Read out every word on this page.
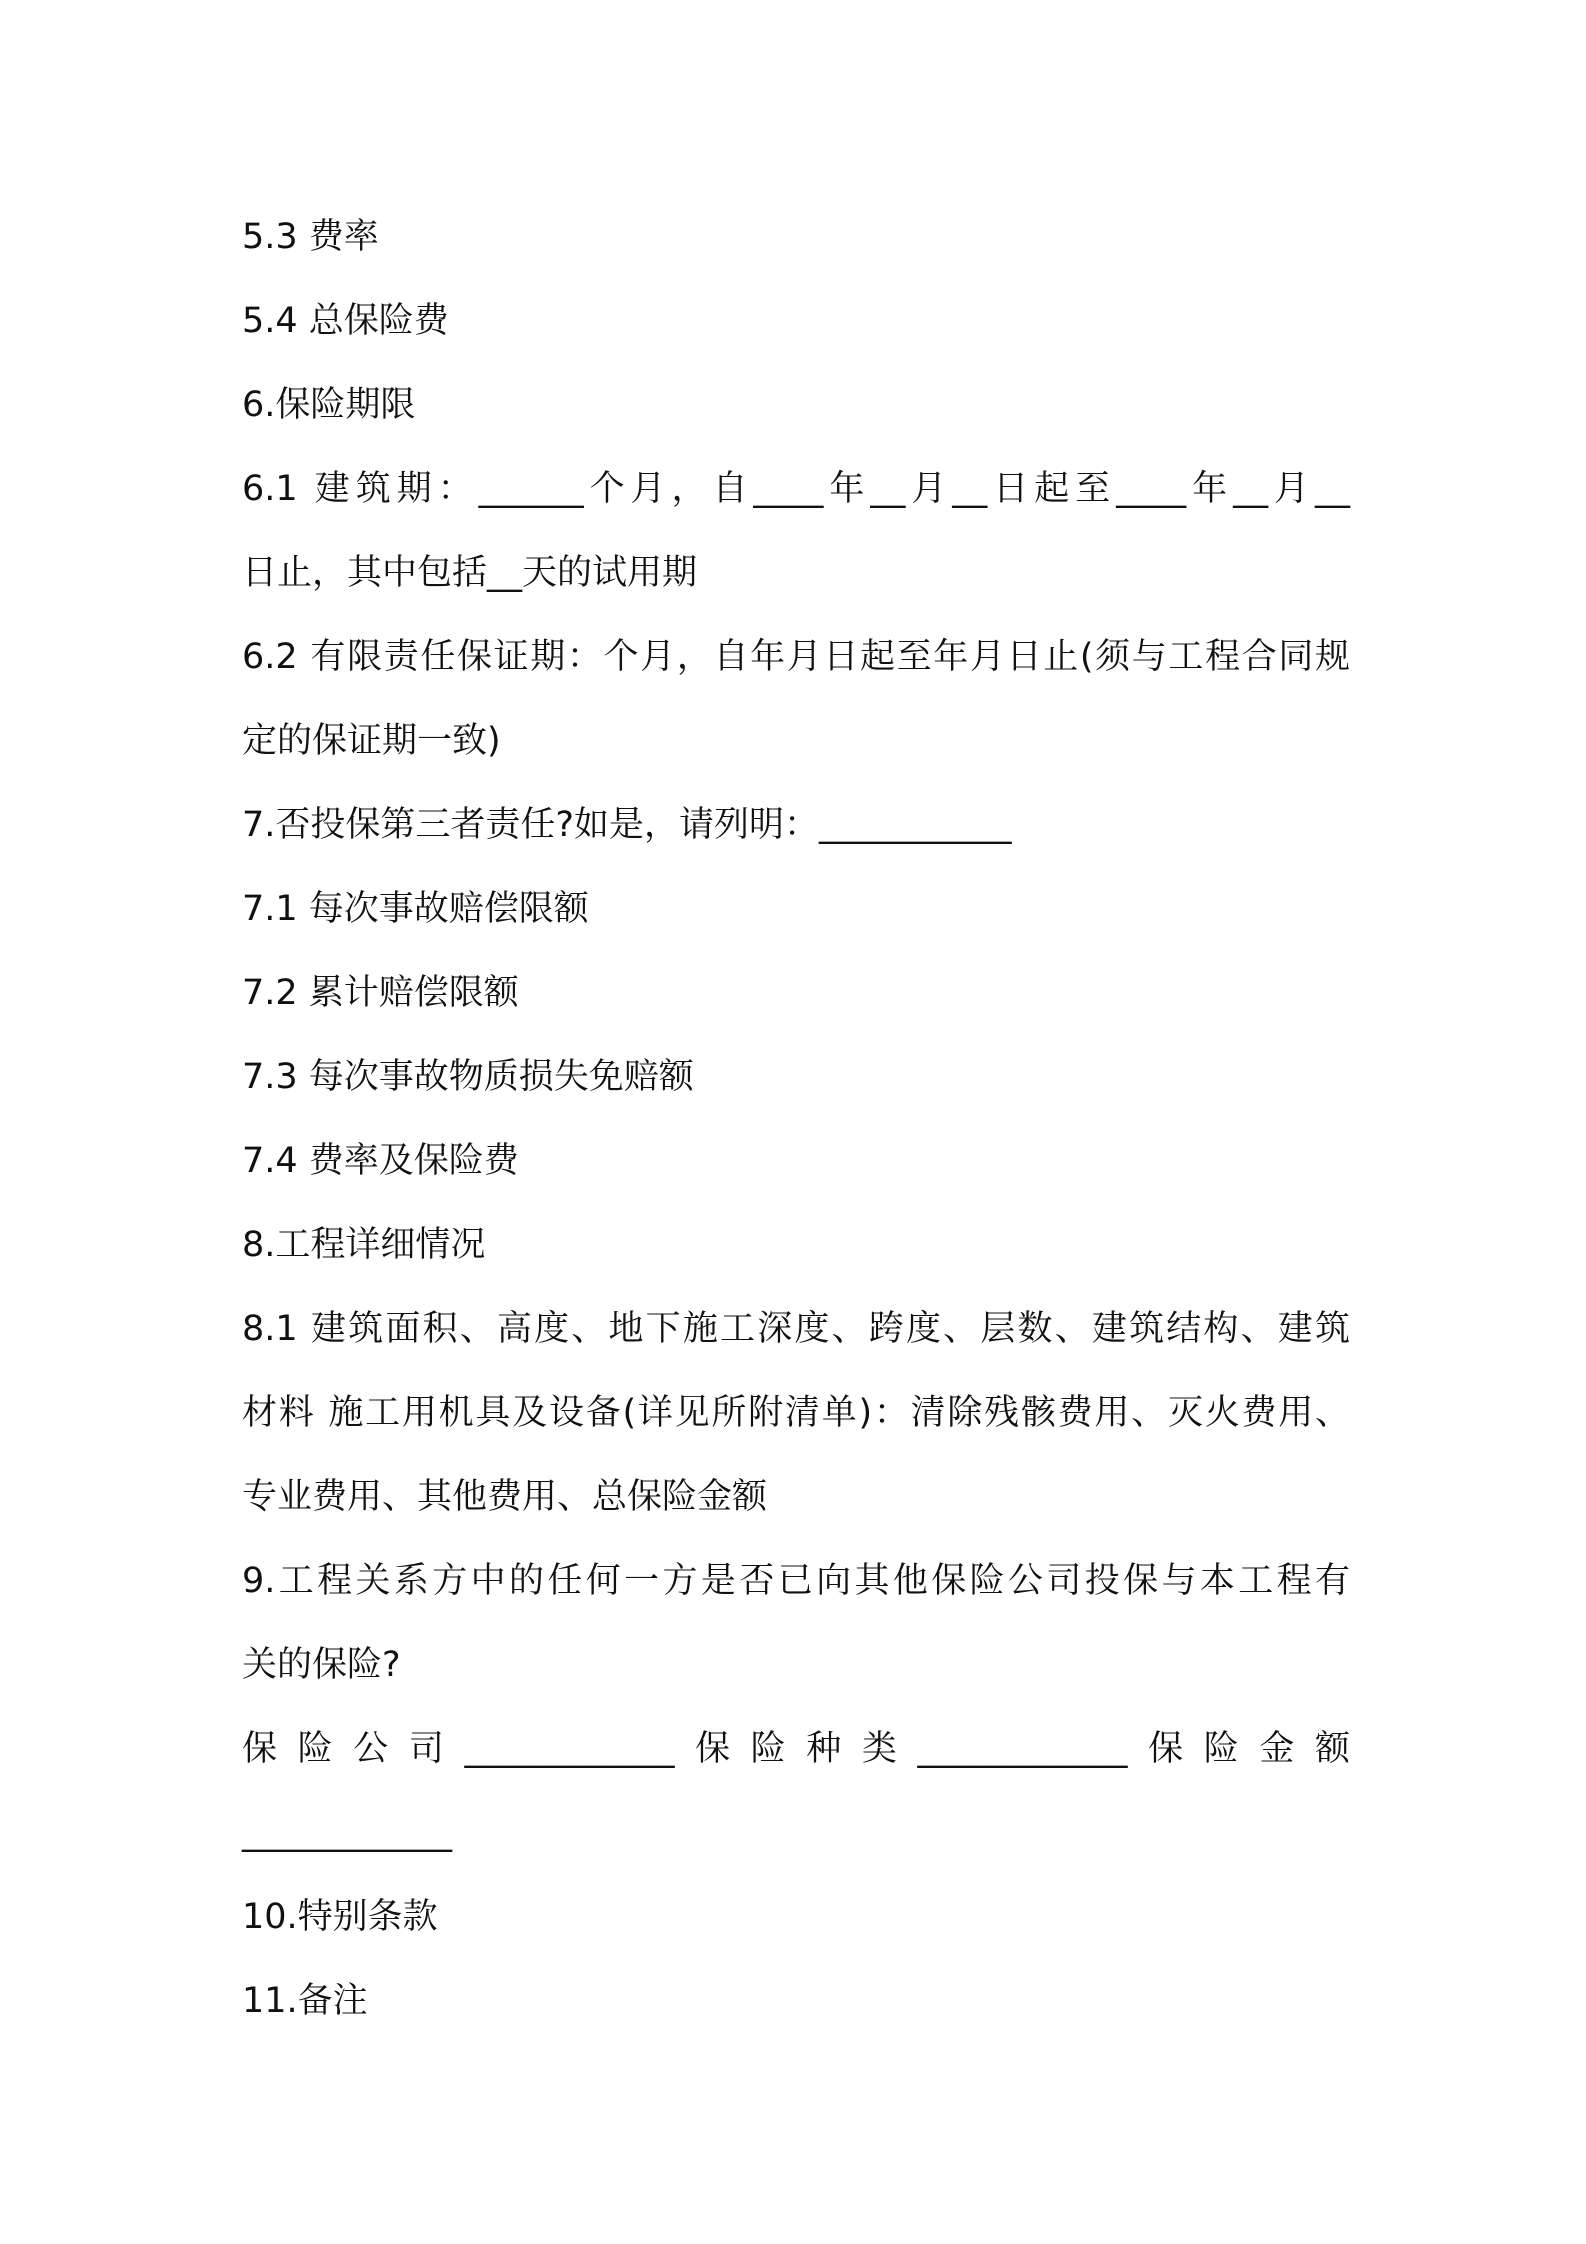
5.3 费率
5.4 总保险费
6.保险期限
6.1 建筑期：______个月，自____年__月__日起至____年__月__
日止，其中包括__天的试用期
6.2 有限责任保证期：个月，自年月日起至年月日止(须与工程合同规
定的保证期一致)
7.否投保第三者责任?如是，请列明：___________
7.1 每次事故赔偿限额
7.2 累计赔偿限额
7.3 每次事故物质损失免赔额
7.4 费率及保险费
8.工程详细情况
8.1 建筑面积、高度、地下施工深度、跨度、层数、建筑结构、建筑
材料 施工用机具及设备(详见所附清单)：清除残骸费用、灭火费用、
专业费用、其他费用、总保险金额
9.工程关系方中的任何一方是否已向其他保险公司投保与本工程有
关的保险?
保险公司____________保险种类____________保险金额
____________
10.特别条款
11.备注
